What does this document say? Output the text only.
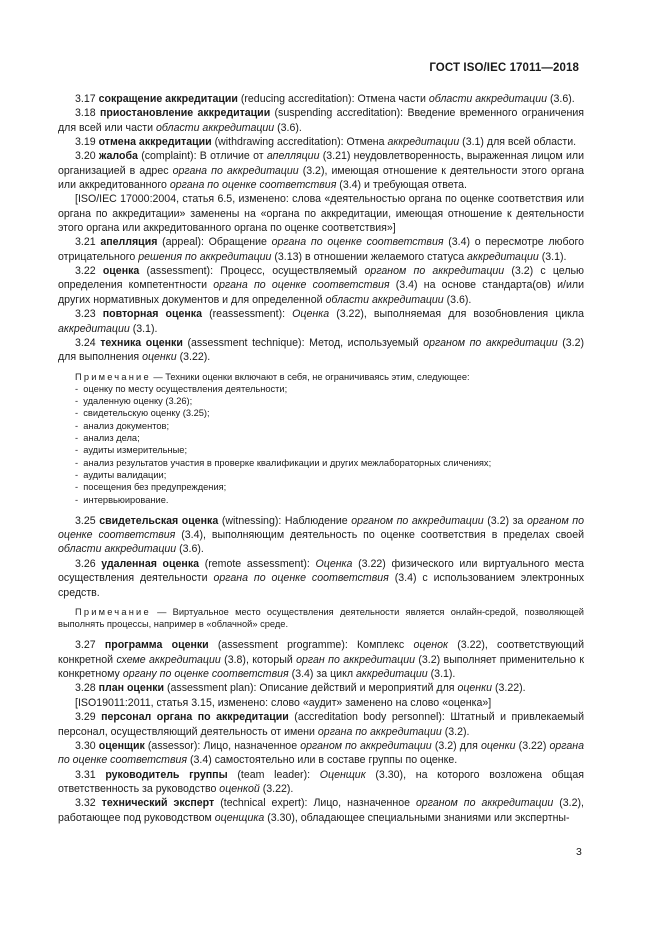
ГОСТ ISO/IEC 17011—2018

3.17 сокращение аккредитации (reducing accreditation): Отмена части области аккредитации (3.6).

3.18 приостановление аккредитации (suspending accreditation): Введение временного ограничения для всей или части области аккредитации (3.6).

3.19 отмена аккредитации (withdrawing accreditation): Отмена аккредитации (3.1) для всей области.

3.20 жалоба (complaint): В отличие от апелляции (3.21) неудовлетворенность, выраженная лицом или организацией в адрес органа по аккредитации (3.2), имеющая отношение к деятельности этого органа или аккредитованного органа по оценке соответствия (3.4) и требующая ответа.

[ISO/IEC 17000:2004, статья 6.5, изменено: слова «деятельностью органа по оценке соответствия или органа по аккредитации» заменены на «органа по аккредитации, имеющая отношение к деятельности этого органа или аккредитованного органа по оценке соответствия»]

3.21 апелляция (appeal): Обращение органа по оценке соответствия (3.4) о пересмотре любого отрицательного решения по аккредитации (3.13) в отношении желаемого статуса аккредитации (3.1).

3.22 оценка (assessment): Процесс, осуществляемый органом по аккредитации (3.2) с целью определения компетентности органа по оценке соответствия (3.4) на основе стандарта(ов) и/или других нормативных документов и для определенной области аккредитации (3.6).

3.23 повторная оценка (reassessment): Оценка (3.22), выполняемая для возобновления цикла аккредитации (3.1).

3.24 техника оценки (assessment technique): Метод, используемый органом по аккредитации (3.2) для выполнения оценки (3.22).

Примечание — Техники оценки включают в себя, не ограничиваясь этим, следующее:

-  оценку по месту осуществления деятельности;
-  удаленную оценку (3.26);
-  свидетельскую оценку (3.25);
-  анализ документов;
-  анализ дела;
-  аудиты измерительные;
-  анализ результатов участия в проверке квалификации и других межлабораторных сличениях;
-  аудиты валидации;
-  посещения без предупреждения;
-  интервьюирование.

3.25 свидетельская оценка (witnessing): Наблюдение органом по аккредитации (3.2) за органом по оценке соответствия (3.4), выполняющим деятельность по оценке соответствия в пределах своей области аккредитации (3.6).

3.26 удаленная оценка (remote assessment): Оценка (3.22) физического или виртуального места осуществления деятельности органа по оценке соответствия (3.4) с использованием электронных средств.

Примечание — Виртуальное место осуществления деятельности является онлайн-средой, позволяющей выполнять процессы, например в «облачной» среде.

3.27 программа оценки (assessment programme): Комплекс оценок (3.22), соответствующий конкретной схеме аккредитации (3.8), который орган по аккредитации (3.2) выполняет применительно к конкретному органу по оценке соответствия (3.4) за цикл аккредитации (3.1).

3.28 план оценки (assessment plan): Описание действий и мероприятий для оценки (3.22).

[ISO19011:2011, статья 3.15, изменено: слово «аудит» заменено на слово «оценка»]

3.29 персонал органа по аккредитации (accreditation body personnel): Штатный и привлекаемый персонал, осуществляющий деятельность от имени органа по аккредитации (3.2).

3.30 оценщик (assessor): Лицо, назначенное органом по аккредитации (3.2) для оценки (3.22) органа по оценке соответствия (3.4) самостоятельно или в составе группы по оценке.

3.31 руководитель группы (team leader): Оценщик (3.30), на которого возложена общая ответственность за руководство оценкой (3.22).

3.32 технический эксперт (technical expert): Лицо, назначенное органом по аккредитации (3.2), работающее под руководством оценщика (3.30), обладающее специальными знаниями или экспертны-

3
